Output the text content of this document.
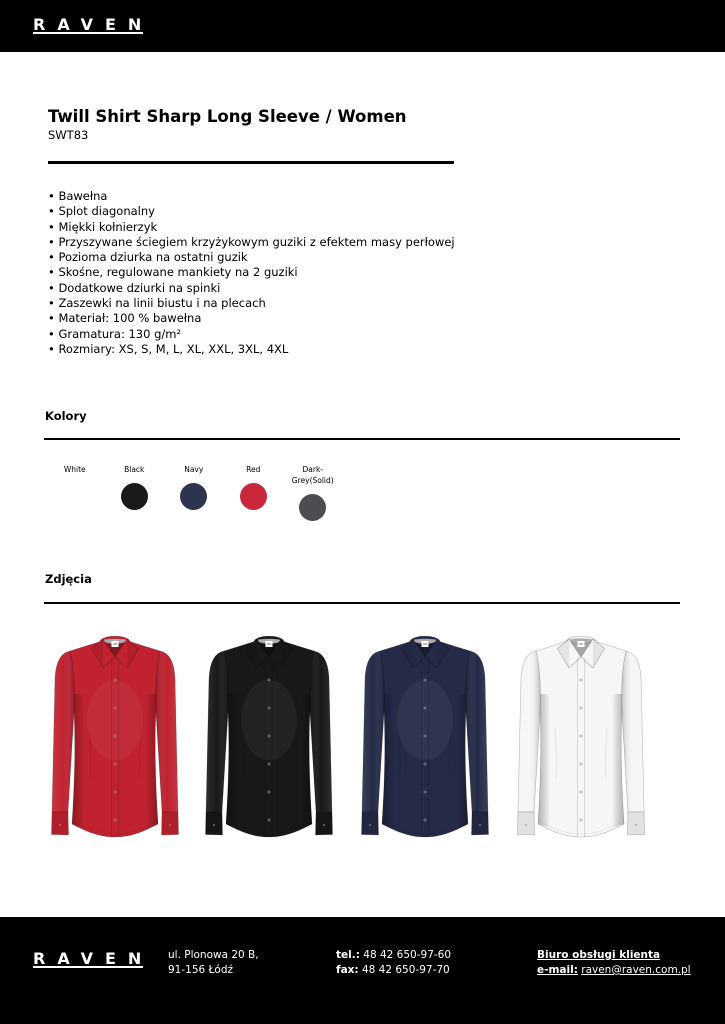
RAVEN
Twill Shirt Sharp Long Sleeve / Women
SWT83
• Bawełna
• Splot diagonalny
• Miękki kołnierzyk
• Przyszywane ściegiem krzyżykowym guziki z efektem masy perłowej
• Pozioma dziurka na ostatni guzik
• Skośne, regulowane mankiety na 2 guziki
• Dodatkowe dziurki na spinki
• Zaszewki na linii biustu i na plecach
• Materiał: 100 % bawełna
• Gramatura: 130 g/m²
• Rozmiary: XS, S, M, L, XL, XXL, 3XL, 4XL
Kolory
White	Black	Navy	Red	Dark-Grey(Solid)
Zdjęcia
RAVEN ul. Plonowa 20 B,
91-156 Łódź
tel.: 48 42 650-97-60
fax: 48 42 650-97-70
Biuro obsługi klienta
e-mail: raven@raven.com.pl
